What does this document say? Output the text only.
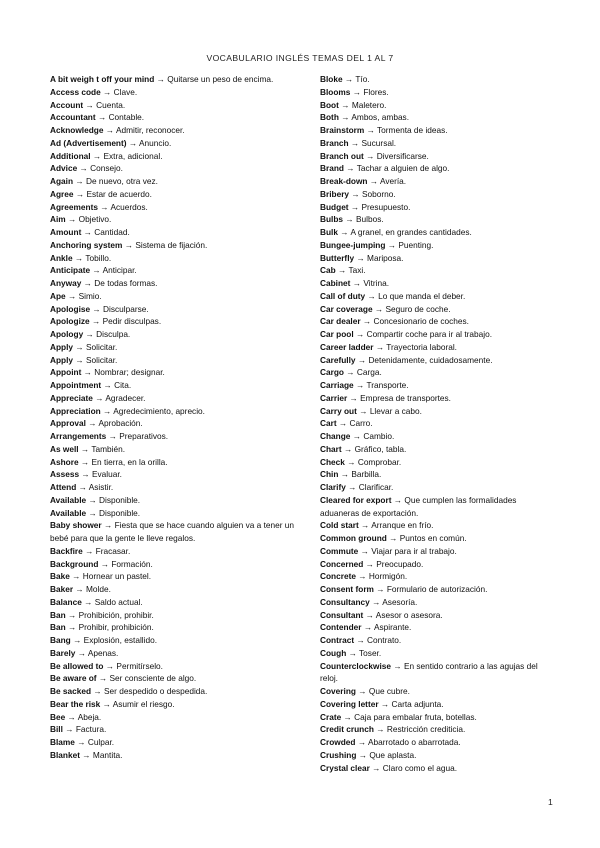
VOCABULARIO INGLÉS TEMAS DEL 1 AL 7
A bit weigh t off your mind → Quitarse un peso de encima.
Access code → Clave.
Account → Cuenta.
Accountant → Contable.
Acknowledge → Admitir, reconocer.
Ad (Advertisement) → Anuncio.
Additional → Extra, adicional.
Advice → Consejo.
Again → De nuevo, otra vez.
Agree → Estar de acuerdo.
Agreements → Acuerdos.
Aim → Objetivo.
Amount → Cantidad.
Anchoring system → Sistema de fijación.
Ankle → Tobillo.
Anticipate → Anticipar.
Anyway → De todas formas.
Ape → Simio.
Apologise → Disculparse.
Apologize → Pedir disculpas.
Apology → Disculpa.
Apply → Solicitar.
Apply → Solicitar.
Appoint → Nombrar; designar.
Appointment → Cita.
Appreciate → Agradecer.
Appreciation → Agredecimiento, aprecio.
Approval → Aprobación.
Arrangements → Preparativos.
As well → También.
Ashore → En tierra, en la orilla.
Assess → Evaluar.
Attend → Asistir.
Available → Disponible.
Available → Disponible.
Baby shower → Fiesta que se hace cuando alguien va a tener un bebé para que la gente le lleve regalos.
Backfire → Fracasar.
Background → Formación.
Bake → Hornear un pastel.
Baker → Molde.
Balance → Saldo actual.
Ban → Prohibición, prohibir.
Ban → Prohibir, prohibición.
Bang → Explosión, estallido.
Barely → Apenas.
Be allowed to → Permitírselo.
Be aware of → Ser consciente de algo.
Be sacked → Ser despedido o despedida.
Bear the risk → Asumir el riesgo.
Bee → Abeja.
Bill → Factura.
Blame → Culpar.
Blanket → Mantita.
Bloke → Tío.
Blooms → Flores.
Boot → Maletero.
Both → Ambos, ambas.
Brainstorm → Tormenta de ideas.
Branch → Sucursal.
Branch out → Diversificarse.
Brand → Tachar a alguien de algo.
Break-down → Avería.
Bribery → Soborno.
Budget → Presupuesto.
Bulbs → Bulbos.
Bulk → A granel, en grandes cantidades.
Bungee-jumping → Puenting.
Butterfly → Mariposa.
Cab → Taxi.
Cabinet → Vitrina.
Call of duty → Lo que manda el deber.
Car coverage → Seguro de coche.
Car dealer → Concesionario de coches.
Car pool → Compartir coche para ir al trabajo.
Career ladder → Trayectoria laboral.
Carefully → Detenidamente, cuidadosamente.
Cargo → Carga.
Carriage → Transporte.
Carrier → Empresa de transportes.
Carry out → Llevar a cabo.
Cart → Carro.
Change → Cambio.
Chart → Gráfico, tabla.
Check → Comprobar.
Chin → Barbilla.
Clarify → Clarificar.
Cleared for export → Que cumplen las formalidades aduaneras de exportación.
Cold start → Arranque en frío.
Common ground → Puntos en común.
Commute → Viajar para ir al trabajo.
Concerned → Preocupado.
Concrete → Hormigón.
Consent form → Formulario de autorización.
Consultancy → Asesoría.
Consultant → Asesor o asesora.
Contender → Aspirante.
Contract → Contrato.
Cough → Toser.
Counterclockwise → En sentido contrario a las agujas del reloj.
Covering → Que cubre.
Covering letter → Carta adjunta.
Crate → Caja para embalar fruta, botellas.
Credit crunch → Restricción crediticia.
Crowded → Abarrotado o abarrotada.
Crushing → Que aplasta.
Crystal clear → Claro como el agua.
1
